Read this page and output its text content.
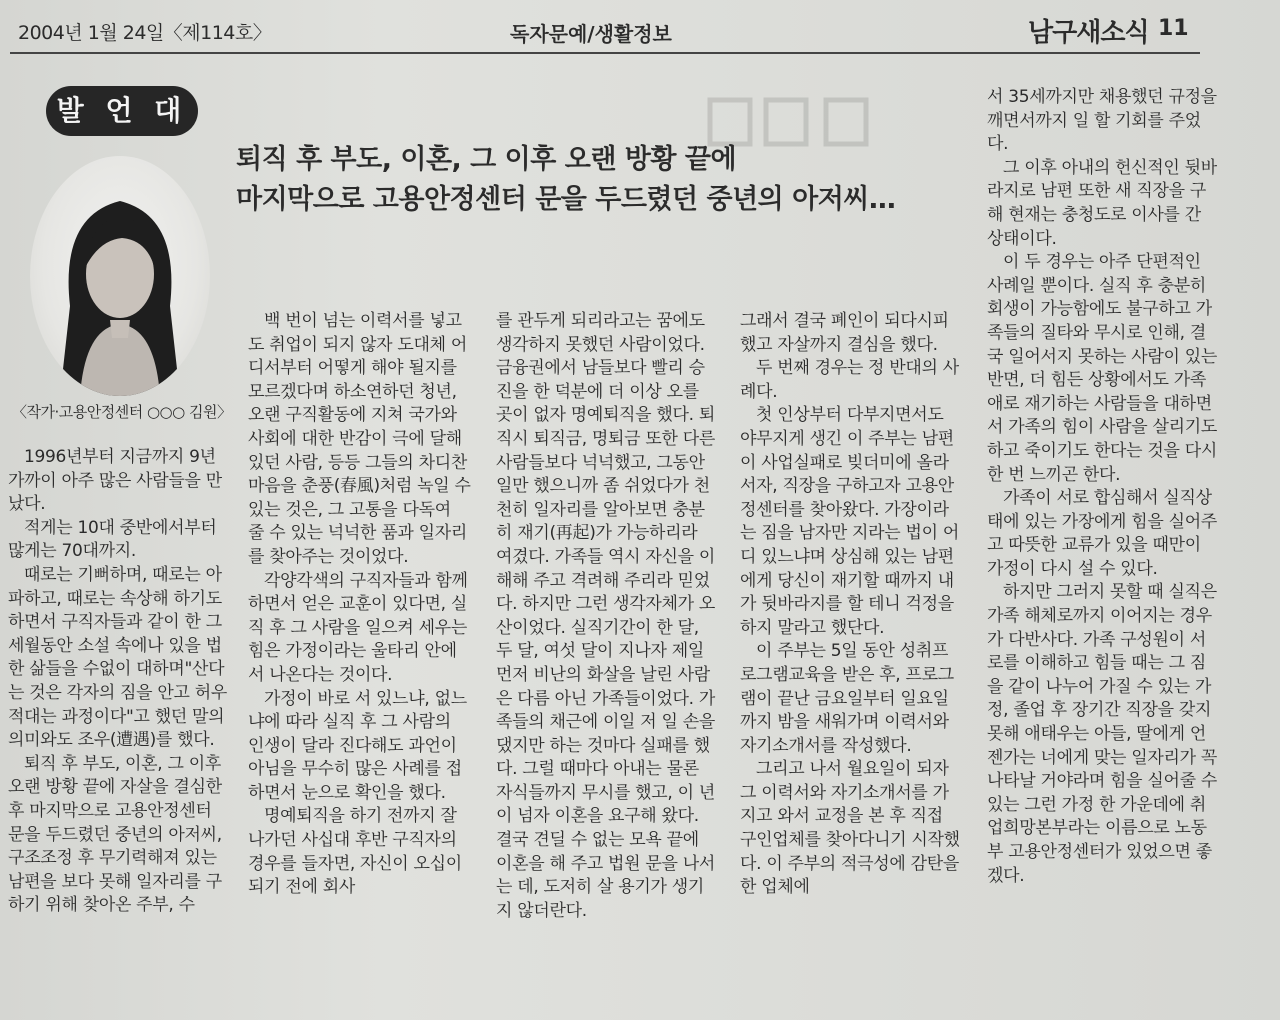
2004년 1월 24일〈제114호〉	독자문예/생활정보	남구새소식 11
발 언 대
퇴직 후 부도, 이혼, 그 이후 오랜 방황 끝에
마지막으로 고용안정센터 문을 두드렸던 중년의 아저씨…
〈작가·고용안정센터 ○○○ 김원〉

1996년부터 지금까지 9년 가까이 아주 많은 사람들을 만났다.

적게는 10대 중반에서부터 많게는 70대까지.

때로는 기뻐하며, 때로는 아파하고, 때로는 속상해 하기도 하면서 구직자들과 같이 한 그 세월동안 소설 속에나 있을 법한 삶들을 수없이 대하며"산다는 것은 각자의 짐을 안고 허우적대는 과정이다"고 했던 말의 의미와도 조우(遭遇)를 했다.

퇴직 후 부도, 이혼, 그 이후 오랜 방황 끝에 자살을 결심한 후 마지막으로 고용안정센터 문을 두드렸던 중년의 아저씨, 구조조정 후 무기력해져 있는 남편을 보다 못해 일자리를 구하기 위해 찾아온 주부, 수

백 번이 넘는 이력서를 넣고도 취업이 되지 않자 도대체 어디서부터 어떻게 해야 될지를 모르겠다며 하소연하던 청년, 오랜 구직활동에 지쳐 국가와 사회에 대한 반감이 극에 달해 있던 사람, 등등 그들의 차디찬 마음을 춘풍(春風)처럼 녹일 수 있는 것은, 그 고통을 다독여 줄 수 있는 넉넉한 품과 일자리를 찾아주는 것이었다.

각양각색의 구직자들과 함께하면서 얻은 교훈이 있다면, 실직 후 그 사람을 일으켜 세우는 힘은 가정이라는 울타리 안에서 나온다는 것이다.

가정이 바로 서 있느냐, 없느냐에 따라 실직 후 그 사람의 인생이 달라 진다해도 과언이 아님을 무수히 많은 사례를 접하면서 눈으로 확인을 했다.

명예퇴직을 하기 전까지 잘나가던 사십대 후반 구직자의 경우를 들자면, 자신이 오십이 되기 전에 회사

를 관두게 되리라고는 꿈에도 생각하지 못했던 사람이었다. 금융권에서 남들보다 빨리 승진을 한 덕분에 더 이상 오를 곳이 없자 명예퇴직을 했다. 퇴직시 퇴직금, 명퇴금 또한 다른 사람들보다 넉넉했고, 그동안 일만 했으니까 좀 쉬었다가 천천히 일자리를 알아보면 충분히 재기(再起)가 가능하리라 여겼다. 가족들 역시 자신을 이해해 주고 격려해 주리라 믿었다. 하지만 그런 생각자체가 오산이었다. 실직기간이 한 달, 두 달, 여섯 달이 지나자 제일 먼저 비난의 화살을 날린 사람은 다름 아닌 가족들이었다. 가족들의 채근에 이일 저 일 손을 댔지만 하는 것마다 실패를 했다. 그럴 때마다 아내는 물론 자식들까지 무시를 했고, 이 년이 넘자 이혼을 요구해 왔다. 결국 견딜 수 없는 모욕 끝에 이혼을 해 주고 법원 문을 나서는 데, 도저히 살 용기가 생기지 않더란다.

그래서 결국 폐인이 되다시피 했고 자살까지 결심을 했다.

두 번째 경우는 정 반대의 사례다.

첫 인상부터 다부지면서도 야무지게 생긴 이 주부는 남편이 사업실패로 빚더미에 올라서자, 직장을 구하고자 고용안정센터를 찾아왔다. 가장이라는 짐을 남자만 지라는 법이 어디 있느냐며 상심해 있는 남편에게 당신이 재기할 때까지 내가 뒷바라지를 할 테니 걱정을 하지 말라고 했단다.

이 주부는 5일 동안 성취프로그램교육을 받은 후, 프로그램이 끝난 금요일부터 일요일까지 밤을 새워가며 이력서와 자기소개서를 작성했다.

그리고 나서 월요일이 되자 그 이력서와 자기소개서를 가지고 와서 교정을 본 후 직접 구인업체를 찾아다니기 시작했다. 이 주부의 적극성에 감탄을 한 업체에

서 35세까지만 채용했던 규정을 깨면서까지 일 할 기회를 주었다.

그 이후 아내의 헌신적인 뒷바라지로 남편 또한 새 직장을 구해 현재는 충청도로 이사를 간 상태이다.

이 두 경우는 아주 단편적인 사례일 뿐이다. 실직 후 충분히 회생이 가능함에도 불구하고 가족들의 질타와 무시로 인해, 결국 일어서지 못하는 사람이 있는 반면, 더 힘든 상황에서도 가족애로 재기하는 사람들을 대하면서 가족의 힘이 사람을 살리기도 하고 죽이기도 한다는 것을 다시 한 번 느끼곤 한다.

가족이 서로 합심해서 실직상태에 있는 가장에게 힘을 실어주고 따뜻한 교류가 있을 때만이 가정이 다시 설 수 있다.

하지만 그러지 못할 때 실직은 가족 해체로까지 이어지는 경우가 다반사다. 가족 구성원이 서로를 이해하고 힘들 때는 그 짐을 같이 나누어 가질 수 있는 가정, 졸업 후 장기간 직장을 갖지 못해 애태우는 아들, 딸에게 언젠가는 너에게 맞는 일자리가 꼭 나타날 거야라며 힘을 실어줄 수 있는 그런 가정 한 가운데에 취업희망본부라는 이름으로 노동부 고용안정센터가 있었으면 좋겠다.
